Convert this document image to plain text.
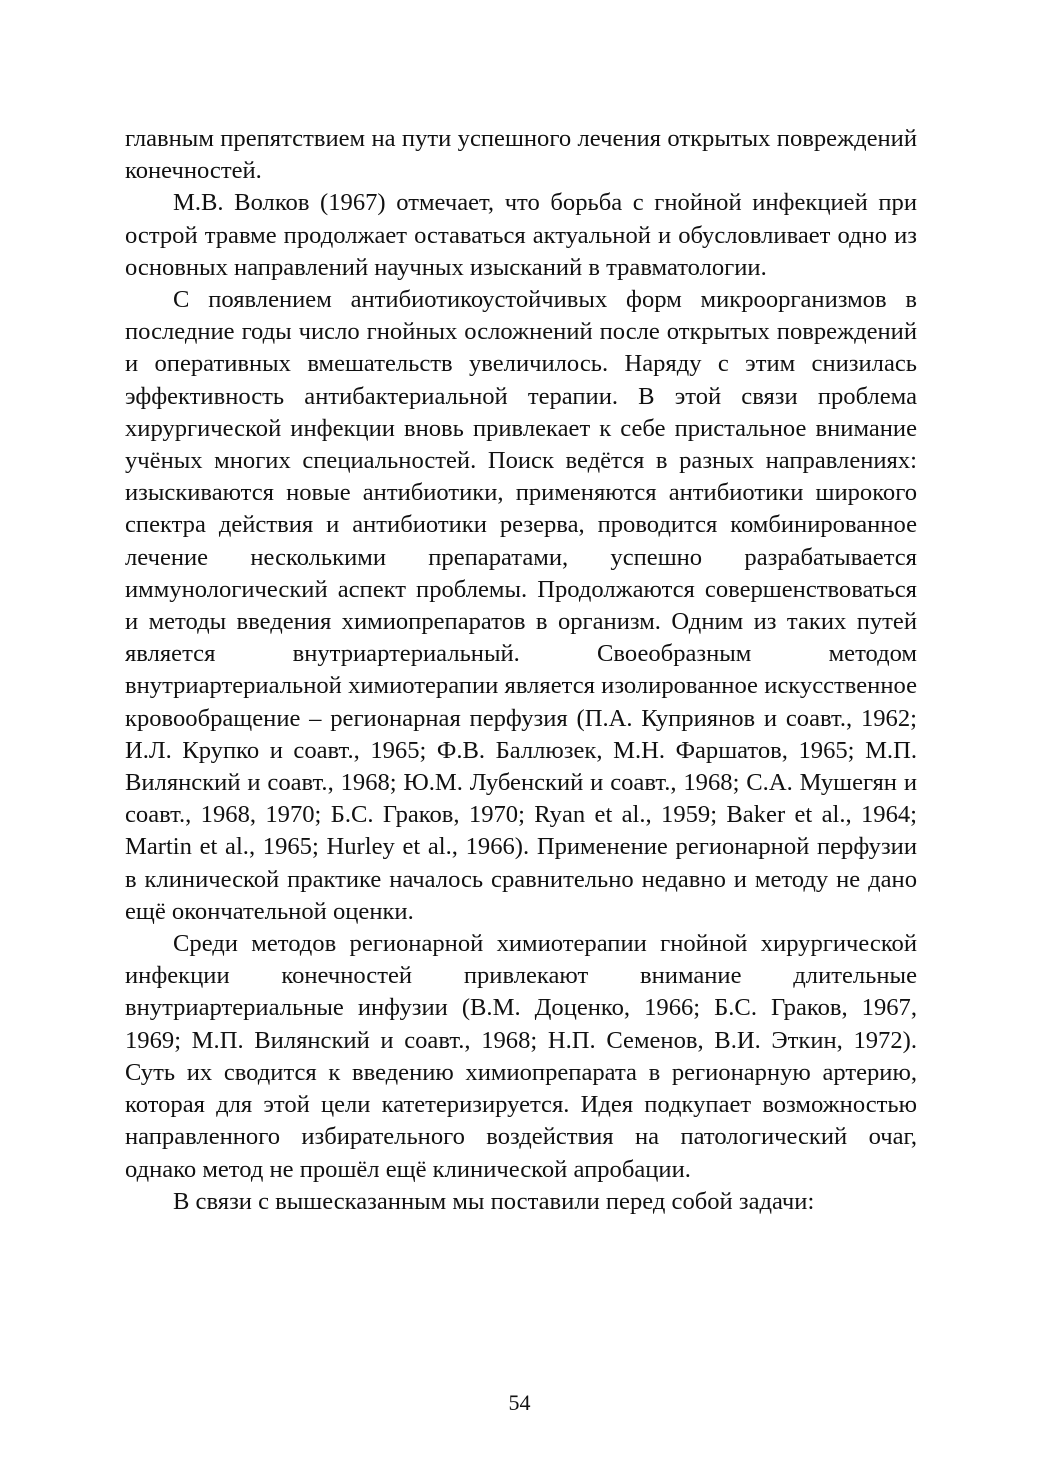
главным препятствием на пути успешного лечения открытых повреждений конечностей.

М.В. Волков (1967) отмечает, что борьба с гнойной инфекцией при острой травме продолжает оставаться актуальной и обусловливает одно из основных направлений научных изысканий в травматологии.

С появлением антибиотикоустойчивых форм микроорганизмов в последние годы число гнойных осложнений после открытых повреждений и оперативных вмешательств увеличилось. Наряду с этим снизилась эффективность антибактериальной терапии. В этой связи проблема хирургической инфекции вновь привлекает к себе пристальное внимание учёных многих специальностей. Поиск ведётся в разных направлениях: изыскиваются новые антибиотики, применяются антибиотики широкого спектра действия и антибиотики резерва, проводится комбинированное лечение несколькими препаратами, успешно разрабатывается иммунологический аспект проблемы. Продолжаются совершенствоваться и методы введения химиопрепаратов в организм. Одним из таких путей является внутриартериальный. Своеобразным методом внутриартериальной химиотерапии является изолированное искусственное кровообращение – регионарная перфузия (П.А. Куприянов и соавт., 1962; И.Л. Крупко и соавт., 1965; Ф.В. Баллюзек, М.Н. Фаршатов, 1965; М.П. Вилянский и соавт., 1968; Ю.М. Лубенский и соавт., 1968; С.А. Мушегян и соавт., 1968, 1970; Б.С. Граков, 1970; Ryan et al., 1959; Baker et al., 1964; Martin et al., 1965; Hurley et al., 1966). Применение регионарной перфузии в клинической практике началось сравнительно недавно и методу не дано ещё окончательной оценки.

Среди методов регионарной химиотерапии гнойной хирургической инфекции конечностей привлекают внимание длительные внутриартериальные инфузии (В.М. Доценко, 1966; Б.С. Граков, 1967, 1969; М.П. Вилянский и соавт., 1968; Н.П. Семенов, В.И. Эткин, 1972). Суть их сводится к введению химиопрепарата в регионарную артерию, которая для этой цели катетеризируется. Идея подкупает возможностью направленного избирательного воздействия на патологический очаг, однако метод не прошёл ещё клинической апробации.

В связи с вышесказанным мы поставили перед собой задачи:

54
